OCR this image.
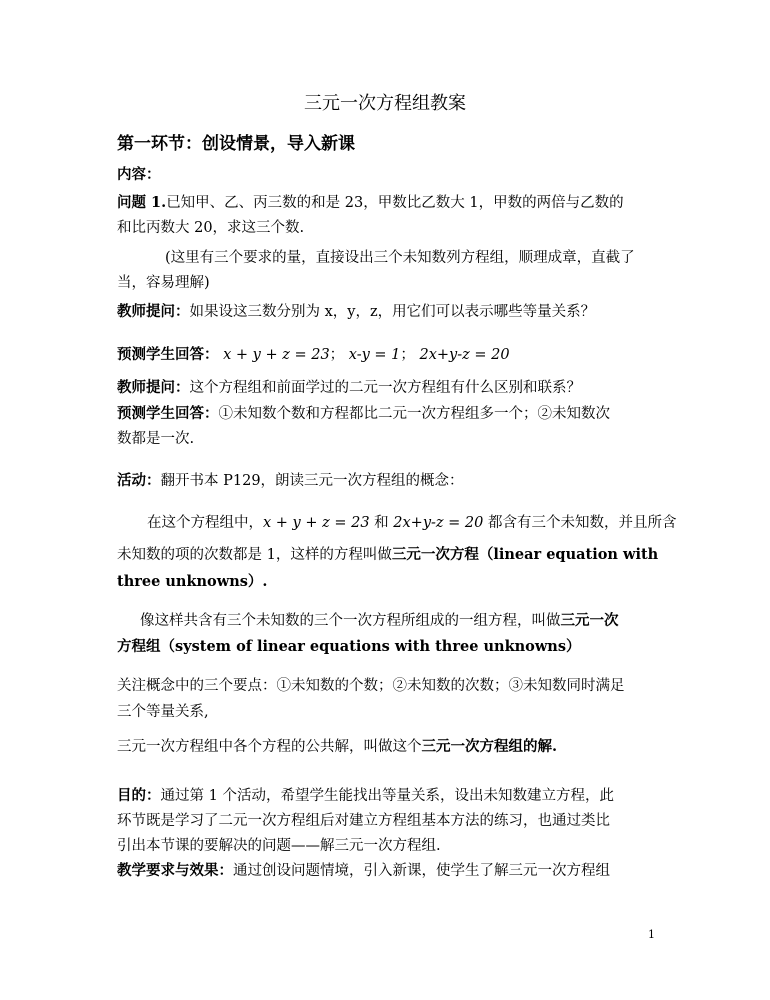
三元一次方程组教案
第一环节：创设情景，导入新课
内容：
问题 1.已知甲、乙、丙三数的和是 23，甲数比乙数大 1，甲数的两倍与乙数的
和比丙数大 20，求这三个数.
(这里有三个要求的量，直接设出三个未知数列方程组，顺理成章，直截了
当，容易理解)
教师提问：如果设这三数分别为 x，y，z，用它们可以表示哪些等量关系？
预测学生回答： x + y + z = 23； x-y = 1； 2x+y-z = 20
教师提问：这个方程组和前面学过的二元一次方程组有什么区别和联系？
预测学生回答：①未知数个数和方程都比二元一次方程组多一个；②未知数次
数都是一次.
活动：翻开书本 P129，朗读三元一次方程组的概念：
在这个方程组中，x + y + z = 23 和 2x+y-z = 20 都含有三个未知数，并且所含
未知数的项的次数都是 1，这样的方程叫做三元一次方程（linear equation with
three unknowns）.
像这样共含有三个未知数的三个一次方程所组成的一组方程，叫做三元一次
方程组（system of linear equations with three unknowns）
关注概念中的三个要点：①未知数的个数；②未知数的次数；③未知数同时满足
三个等量关系,
三元一次方程组中各个方程的公共解，叫做这个三元一次方程组的解.
目的：通过第 1 个活动，希望学生能找出等量关系，设出未知数建立方程，此
环节既是学习了二元一次方程组后对建立方程组基本方法的练习，也通过类比
引出本节课的要解决的问题——解三元一次方程组.
教学要求与效果：通过创设问题情境，引入新课，使学生了解三元一次方程组
1
